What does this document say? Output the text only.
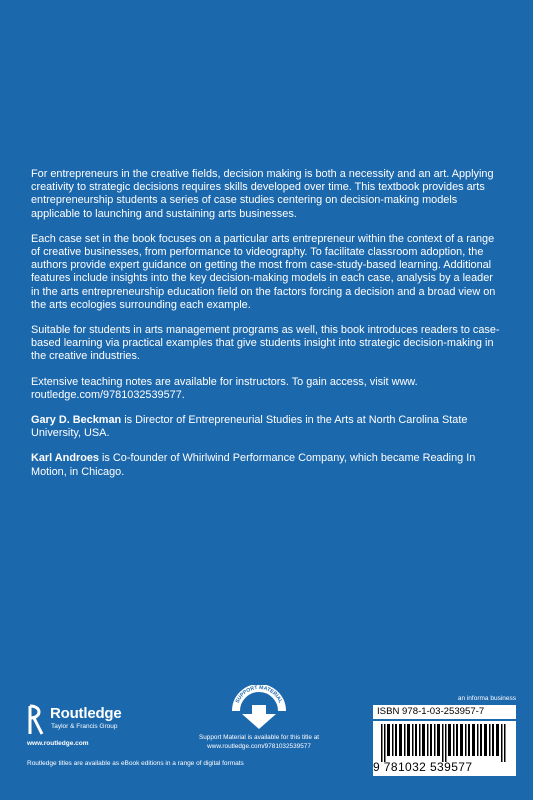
For entrepreneurs in the creative fields, decision making is both a necessity and an art. Applying creativity to strategic decisions requires skills developed over time. This textbook provides arts entrepreneurship students a series of case studies centering on decision-making models applicable to launching and sustaining arts businesses.

Each case set in the book focuses on a particular arts entrepreneur within the context of a range of creative businesses, from performance to videography. To facilitate classroom adoption, the authors provide expert guidance on getting the most from case-study-based learning. Additional features include insights into the key decision-making models in each case, analysis by a leader in the arts entrepreneurship education field on the factors forcing a decision and a broad view on the arts ecologies surrounding each example.

Suitable for students in arts management programs as well, this book introduces readers to case-based learning via practical examples that give students insight into strategic decision-making in the creative industries.

Extensive teaching notes are available for instructors. To gain access, visit www. routledge.com/9781032539577.

Gary D. Beckman is Director of Entrepreneurial Studies in the Arts at North Carolina State University, USA.

Karl Androes is Co-founder of Whirlwind Performance Company, which became Reading In Motion, in Chicago.

Routledge
Taylor & Francis Group
www.routledge.com
SUPPORT MATERIAL
Support Material is available for this title at
www.routledge.com/9781032539577
an informa business
ISBN 978-1-03-253957-7
9 781032 539577
Routledge titles are available as eBook editions in a range of digital formats
